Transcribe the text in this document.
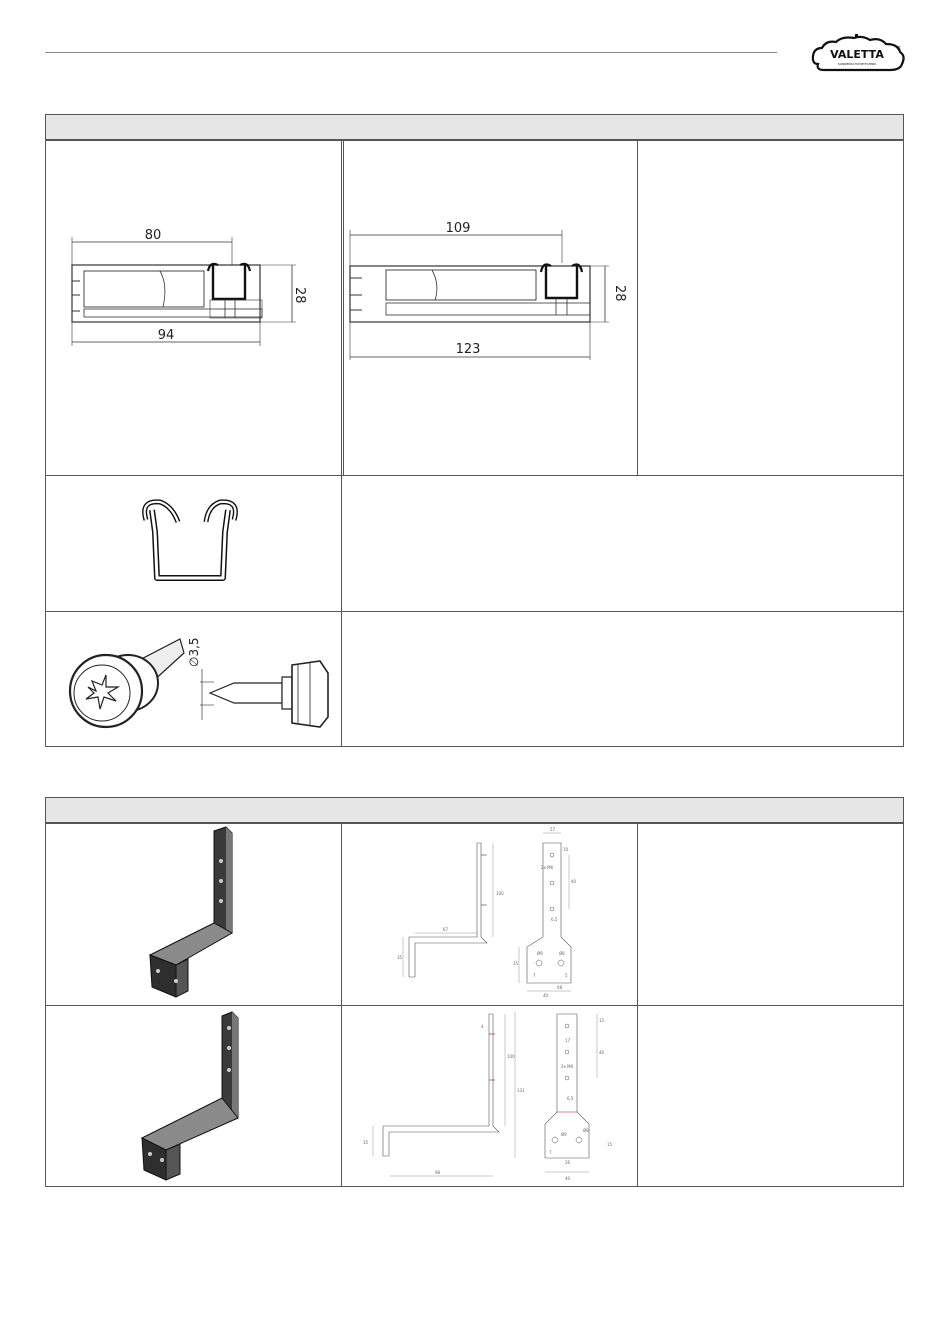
VALETTA ®
SONNENSCHUTZTECHNIK
80
28
94
109
28
123
∅3,5
57
10
2x M6
40
6,5
100
67
35
35
Ø9	Ø8
40
48
7	5
4
15
17
40
100
131
2x M6
6,5
35
98
Ø9
Ø8
26
40
15
7
